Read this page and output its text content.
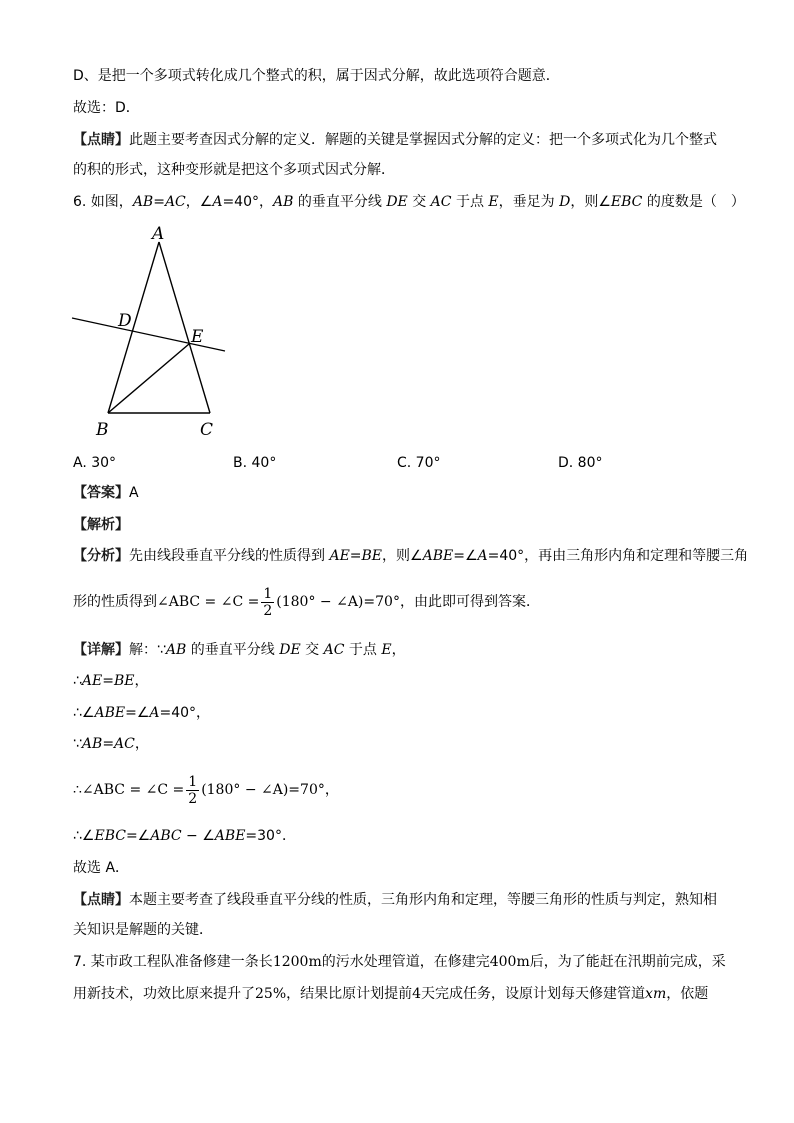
D、是把一个多项式转化成几个整式的积，属于因式分解，故此选项符合题意．
故选：D．
【点睛】此题主要考查因式分解的定义．解题的关键是掌握因式分解的定义：把一个多项式化为几个整式
的积的形式，这种变形就是把这个多项式因式分解．
6. 如图，AB=AC，∠A=40°，AB 的垂直平分线 DE 交 AC 于点 E，垂足为 D，则∠EBC 的度数是（　）
A
B	C
D
E
A. 30°	B. 40°	C. 70°	D. 80°
【答案】A
【解析】
【分析】先由线段垂直平分线的性质得到 AE=BE，则∠ABE=∠A=40°，再由三角形内角和定理和等腰三角
形的性质得到∠ABC = ∠C = $\frac{1}{2} (180^\circ$ − ∠A)=70°，由此即可得到答案．
【详解】解：∵AB 的垂直平分线 DE 交 AC 于点 E，
∴AE=BE，
∴∠ABE=∠A=40°，
∵AB=AC，
∴∠ABC = ∠C = $\frac{1}{2} (180^\circ$ − ∠A)=70°，
∴∠EBC=∠ABC − ∠ABE=30°．
故选 A．
【点睛】本题主要考查了线段垂直平分线的性质，三角形内角和定理，等腰三角形的性质与判定，熟知相
关知识是解题的关键．
7. 某市政工程队准备修建一条长1200m的污水处理管道，在修建完400m后，为了能赶在汛期前完成，采
用新技术，功效比原来提升了25%，结果比原计划提前4天完成任务，设原计划每天修建管道xm，依题
